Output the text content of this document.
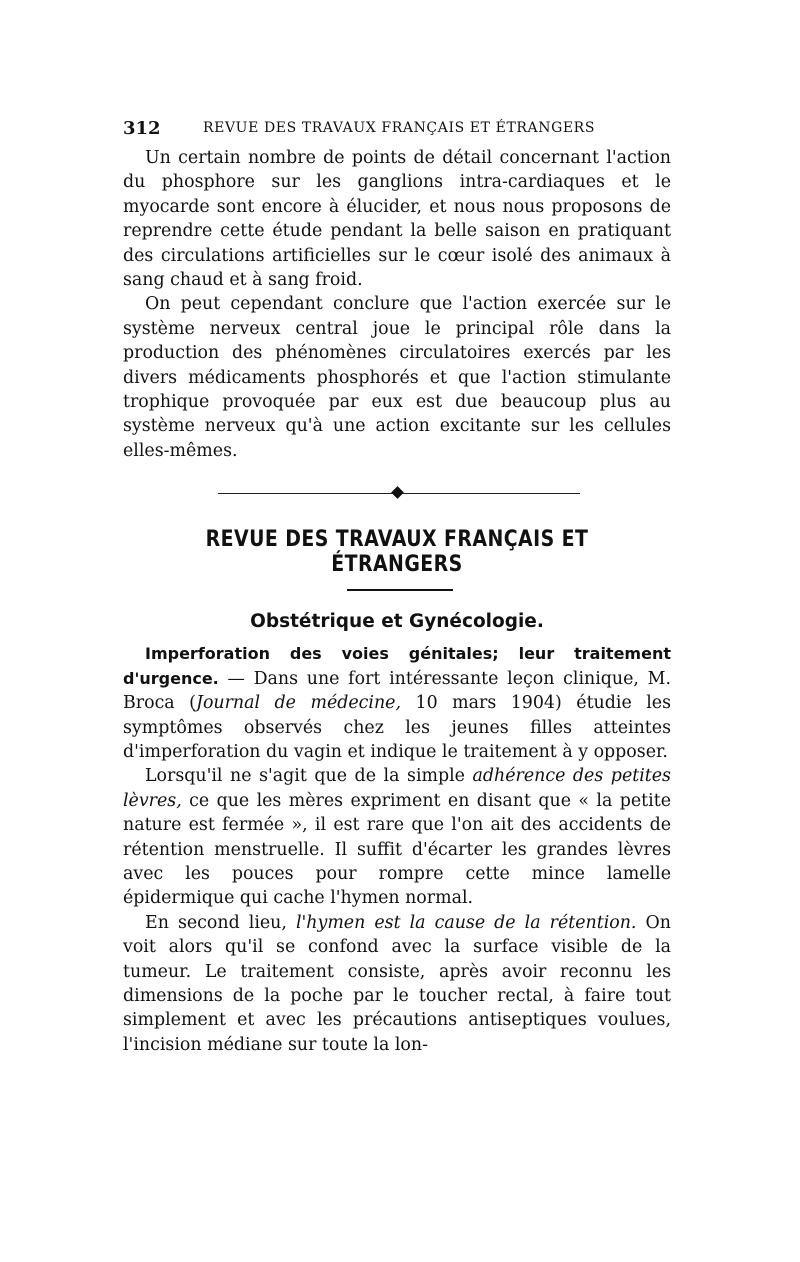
312	REVUE DES TRAVAUX FRANÇAIS ET ÉTRANGERS

Un certain nombre de points de détail concernant l'action du phosphore sur les ganglions intra-cardiaques et le myocarde sont encore à élucider, et nous nous proposons de reprendre cette étude pendant la belle saison en pratiquant des circulations artificielles sur le cœur isolé des animaux à sang chaud et à sang froid.

On peut cependant conclure que l'action exercée sur le système nerveux central joue le principal rôle dans la production des phénomènes circulatoires exercés par les divers médicaments phosphorés et que l'action stimulante trophique provoquée par eux est due beaucoup plus au système nerveux qu'à une action excitante sur les cellules elles-mêmes.

REVUE DES TRAVAUX FRANÇAIS ET ÉTRANGERS
Obstétrique et Gynécologie.

Imperforation des voies génitales; leur traitement d'urgence. — Dans une fort intéressante leçon clinique, M. Broca (Journal de médecine, 10 mars 1904) étudie les symptômes observés chez les jeunes filles atteintes d'imperforation du vagin et indique le traitement à y opposer.

Lorsqu'il ne s'agit que de la simple adhérence des petites lèvres, ce que les mères expriment en disant que « la petite nature est fermée », il est rare que l'on ait des accidents de rétention menstruelle. Il suffit d'écarter les grandes lèvres avec les pouces pour rompre cette mince lamelle épidermique qui cache l'hymen normal.

En second lieu, l'hymen est la cause de la rétention. On voit alors qu'il se confond avec la surface visible de la tumeur. Le traitement consiste, après avoir reconnu les dimensions de la poche par le toucher rectal, à faire tout simplement et avec les précautions antiseptiques voulues, l'incision médiane sur toute la lon-
